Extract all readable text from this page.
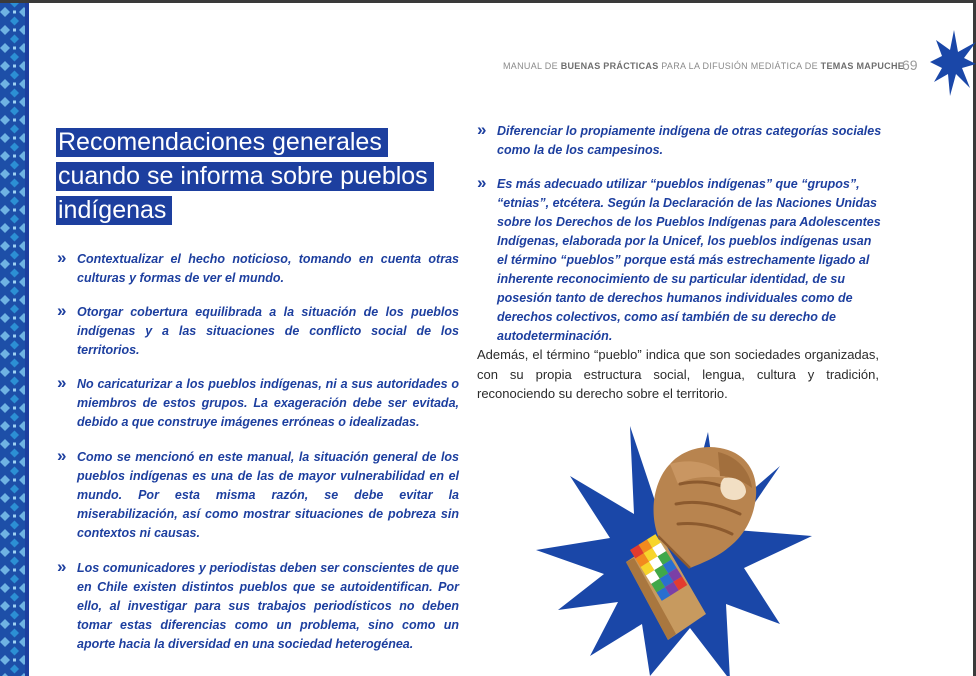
MANUAL DE BUENAS PRÁCTICAS PARA LA DIFUSIÓN MEDIÁTICA DE TEMAS MAPUCHE
69
Recomendaciones generales
cuando se informa sobre pueblos
indígenas
» Contextualizar el hecho noticioso, tomando en cuenta otras culturas y formas de ver el mundo.
» Otorgar cobertura equilibrada a la situación de los pueblos indígenas y a las situaciones de conflicto social de los territorios.
» No caricaturizar a los pueblos indígenas, ni a sus autoridades o miembros de estos grupos. La exageración debe ser evitada, debido a que construye imágenes erróneas o idealizadas.
» Como se mencionó en este manual, la situación general de los pueblos indígenas es una de las de mayor vulnerabilidad en el mundo. Por esta misma razón, se debe evitar la miserabilización, así como mostrar situaciones de pobreza sin contextos ni causas.
» Los comunicadores y periodistas deben ser conscientes de que en Chile existen distintos pueblos que se autoidentifican. Por ello, al investigar para sus trabajos periodísticos no deben tomar estas diferencias como un problema, sino como un aporte hacia la diversidad en una sociedad heterogénea.
» Diferenciar lo propiamente indígena de otras categorías sociales como la de los campesinos.
» Es más adecuado utilizar “pueblos indígenas” que “grupos”, “etnias”, etcétera. Según la Declaración de las Naciones Unidas sobre los Derechos de los Pueblos Indígenas para Adolescentes Indígenas, elaborada por la Unicef, los pueblos indígenas usan el término “pueblos” porque está más estrechamente ligado al inherente reconocimiento de su particular identidad, de su posesión tanto de derechos humanos individuales como de derechos colectivos, como así también de su derecho de autodeterminación.

Además, el término “pueblo” indica que son sociedades organizadas, con su propia estructura social, lengua, cultura y tradición, reconociendo su derecho sobre el territorio.
